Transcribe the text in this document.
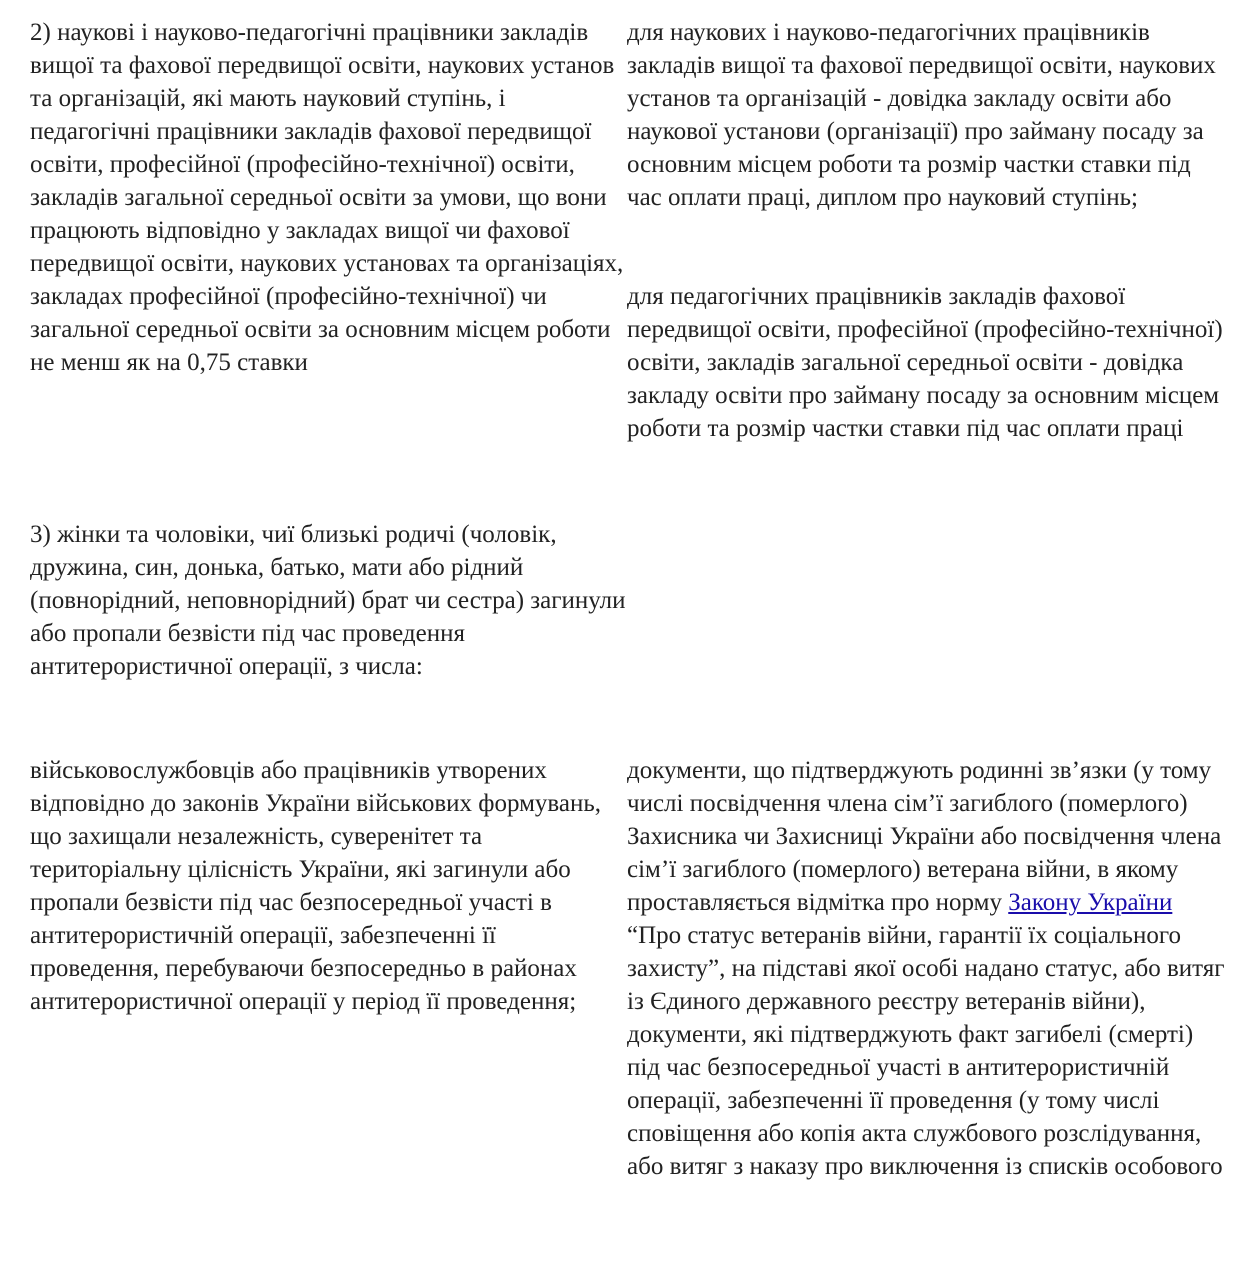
2) наукові і науково-педагогічні працівники закладів вищої та фахової передвищої освіти, наукових установ та організацій, які мають науковий ступінь, і педагогічні працівники закладів фахової передвищої освіти, професійної (професійно-технічної) освіти, закладів загальної середньої освіти за умови, що вони працюють відповідно у закладах вищої чи фахової передвищої освіти, наукових установах та організаціях, закладах професійної (професійно-технічної) чи загальної середньої освіти за основним місцем роботи не менш як на 0,75 ставки

для наукових і науково-педагогічних працівників закладів вищої та фахової передвищої освіти, наукових установ та організацій - довідка закладу освіти або наукової установи (організації) про займану посаду за основним місцем роботи та розмір частки ставки під час оплати праці, диплом про науковий ступінь;

для педагогічних працівників закладів фахової передвищої освіти, професійної (професійно-технічної) освіти, закладів загальної середньої освіти - довідка закладу освіти про займану посаду за основним місцем роботи та розмір частки ставки під час оплати праці

3) жінки та чоловіки, чиї близькі родичі (чоловік, дружина, син, донька, батько, мати або рідний (повнорідний, неповнорідний) брат чи сестра) загинули або пропали безвісти під час проведення антитерористичної операції, з числа:

військовослужбовців або працівників утворених відповідно до законів України військових формувань, що захищали незалежність, суверенітет та територіальну цілісність України, які загинули або пропали безвісти під час безпосередньої участі в антитерористичній операції, забезпеченні її проведення, перебуваючи безпосередньо в районах антитерористичної операції у період її проведення;

документи, що підтверджують родинні зв’язки (у тому числі посвідчення члена сім’ї загиблого (померлого) Захисника чи Захисниці України або посвідчення члена сім’ї загиблого (померлого) ветерана війни, в якому проставляється відмітка про норму Закону України “Про статус ветеранів війни, гарантії їх соціального захисту”, на підставі якої особі надано статус, або витяг із Єдиного державного реєстру ветеранів війни), документи, які підтверджують факт загибелі (смерті) під час безпосередньої участі в антитерористичній операції, забезпеченні її проведення (у тому числі сповіщення або копія акта службового розслідування, або витяг з наказу про виключення із списків особового
